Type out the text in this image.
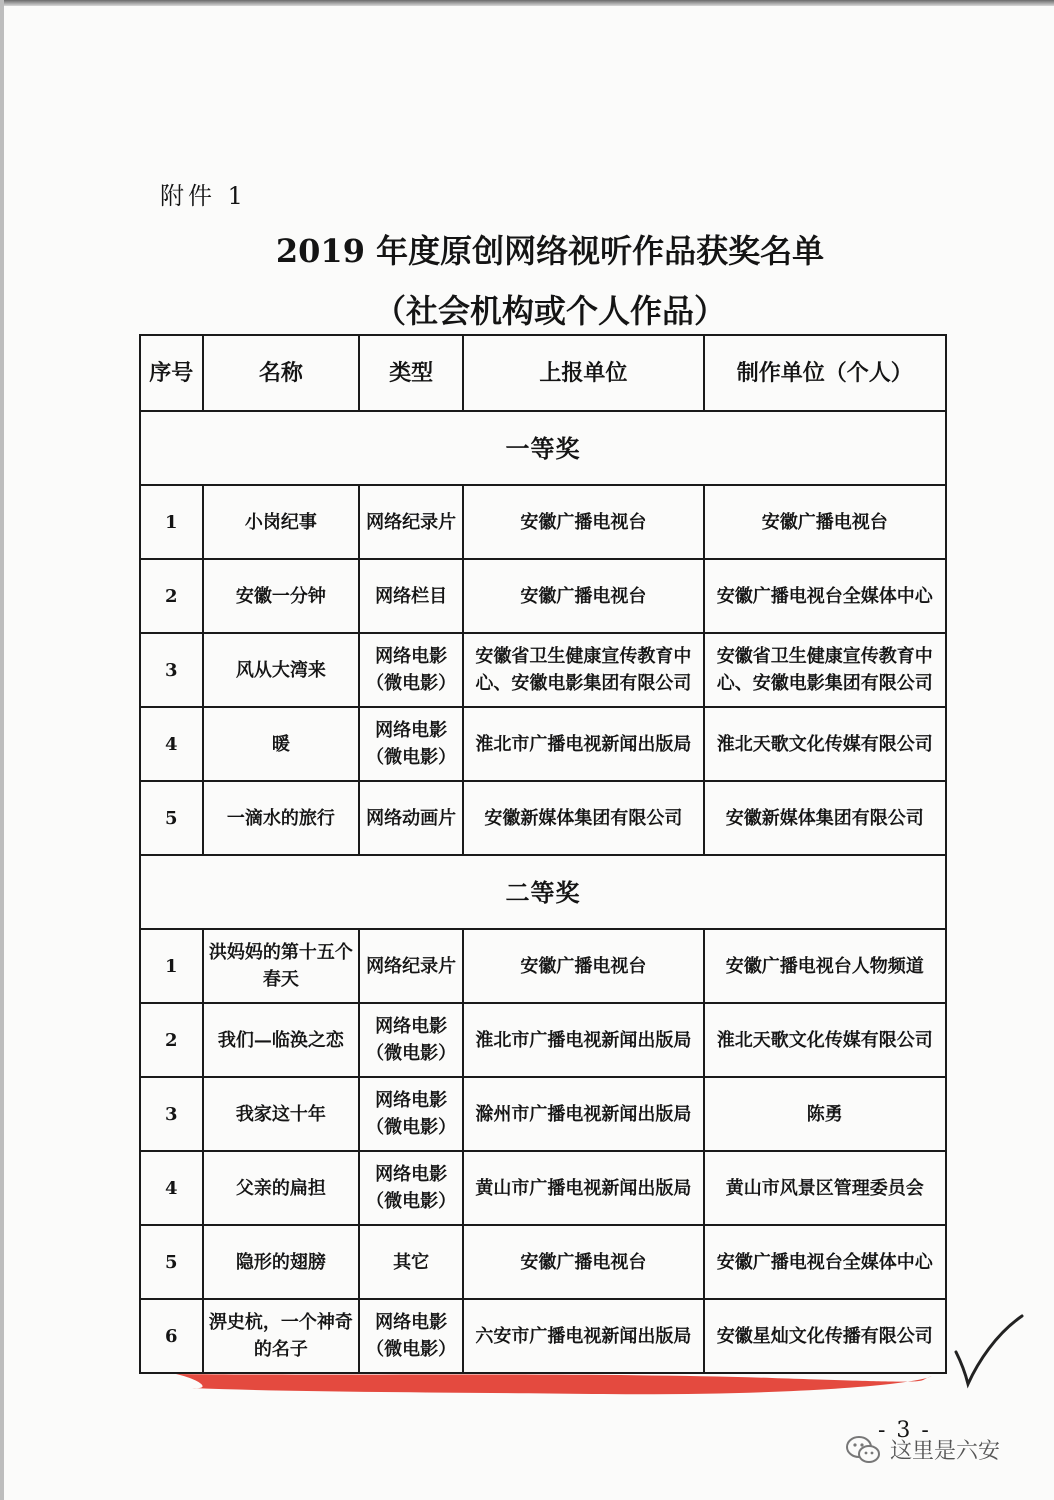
附件 1
2019 年度原创网络视听作品获奖名单
（社会机构或个人作品）
序号	名称	类型	上报单位	制作单位（个人）
一等奖				
1	小岗纪事	网络纪录片	安徽广播电视台	安徽广播电视台
2	安徽一分钟	网络栏目	安徽广播电视台	安徽广播电视台全媒体中心
3	风从大湾来	网络电影（微电影）	安徽省卫生健康宣传教育中心、安徽电影集团有限公司	安徽省卫生健康宣传教育中心、安徽电影集团有限公司
4	暖	网络电影（微电影）	淮北市广播电视新闻出版局	淮北天歌文化传媒有限公司
5	一滴水的旅行	网络动画片	安徽新媒体集团有限公司	安徽新媒体集团有限公司
二等奖				
1	洪妈妈的第十五个春天	网络纪录片	安徽广播电视台	安徽广播电视台人物频道
2	我们—临涣之恋	网络电影（微电影）	淮北市广播电视新闻出版局	淮北天歌文化传媒有限公司
3	我家这十年	网络电影（微电影）	滁州市广播电视新闻出版局	陈勇
4	父亲的扁担	网络电影（微电影）	黄山市广播电视新闻出版局	黄山市风景区管理委员会
5	隐形的翅膀	其它	安徽广播电视台	安徽广播电视台全媒体中心
6	淠史杭，一个神奇的名子	网络电影（微电影）	六安市广播电视新闻出版局	安徽星灿文化传播有限公司
- 3 -
这里是六安
